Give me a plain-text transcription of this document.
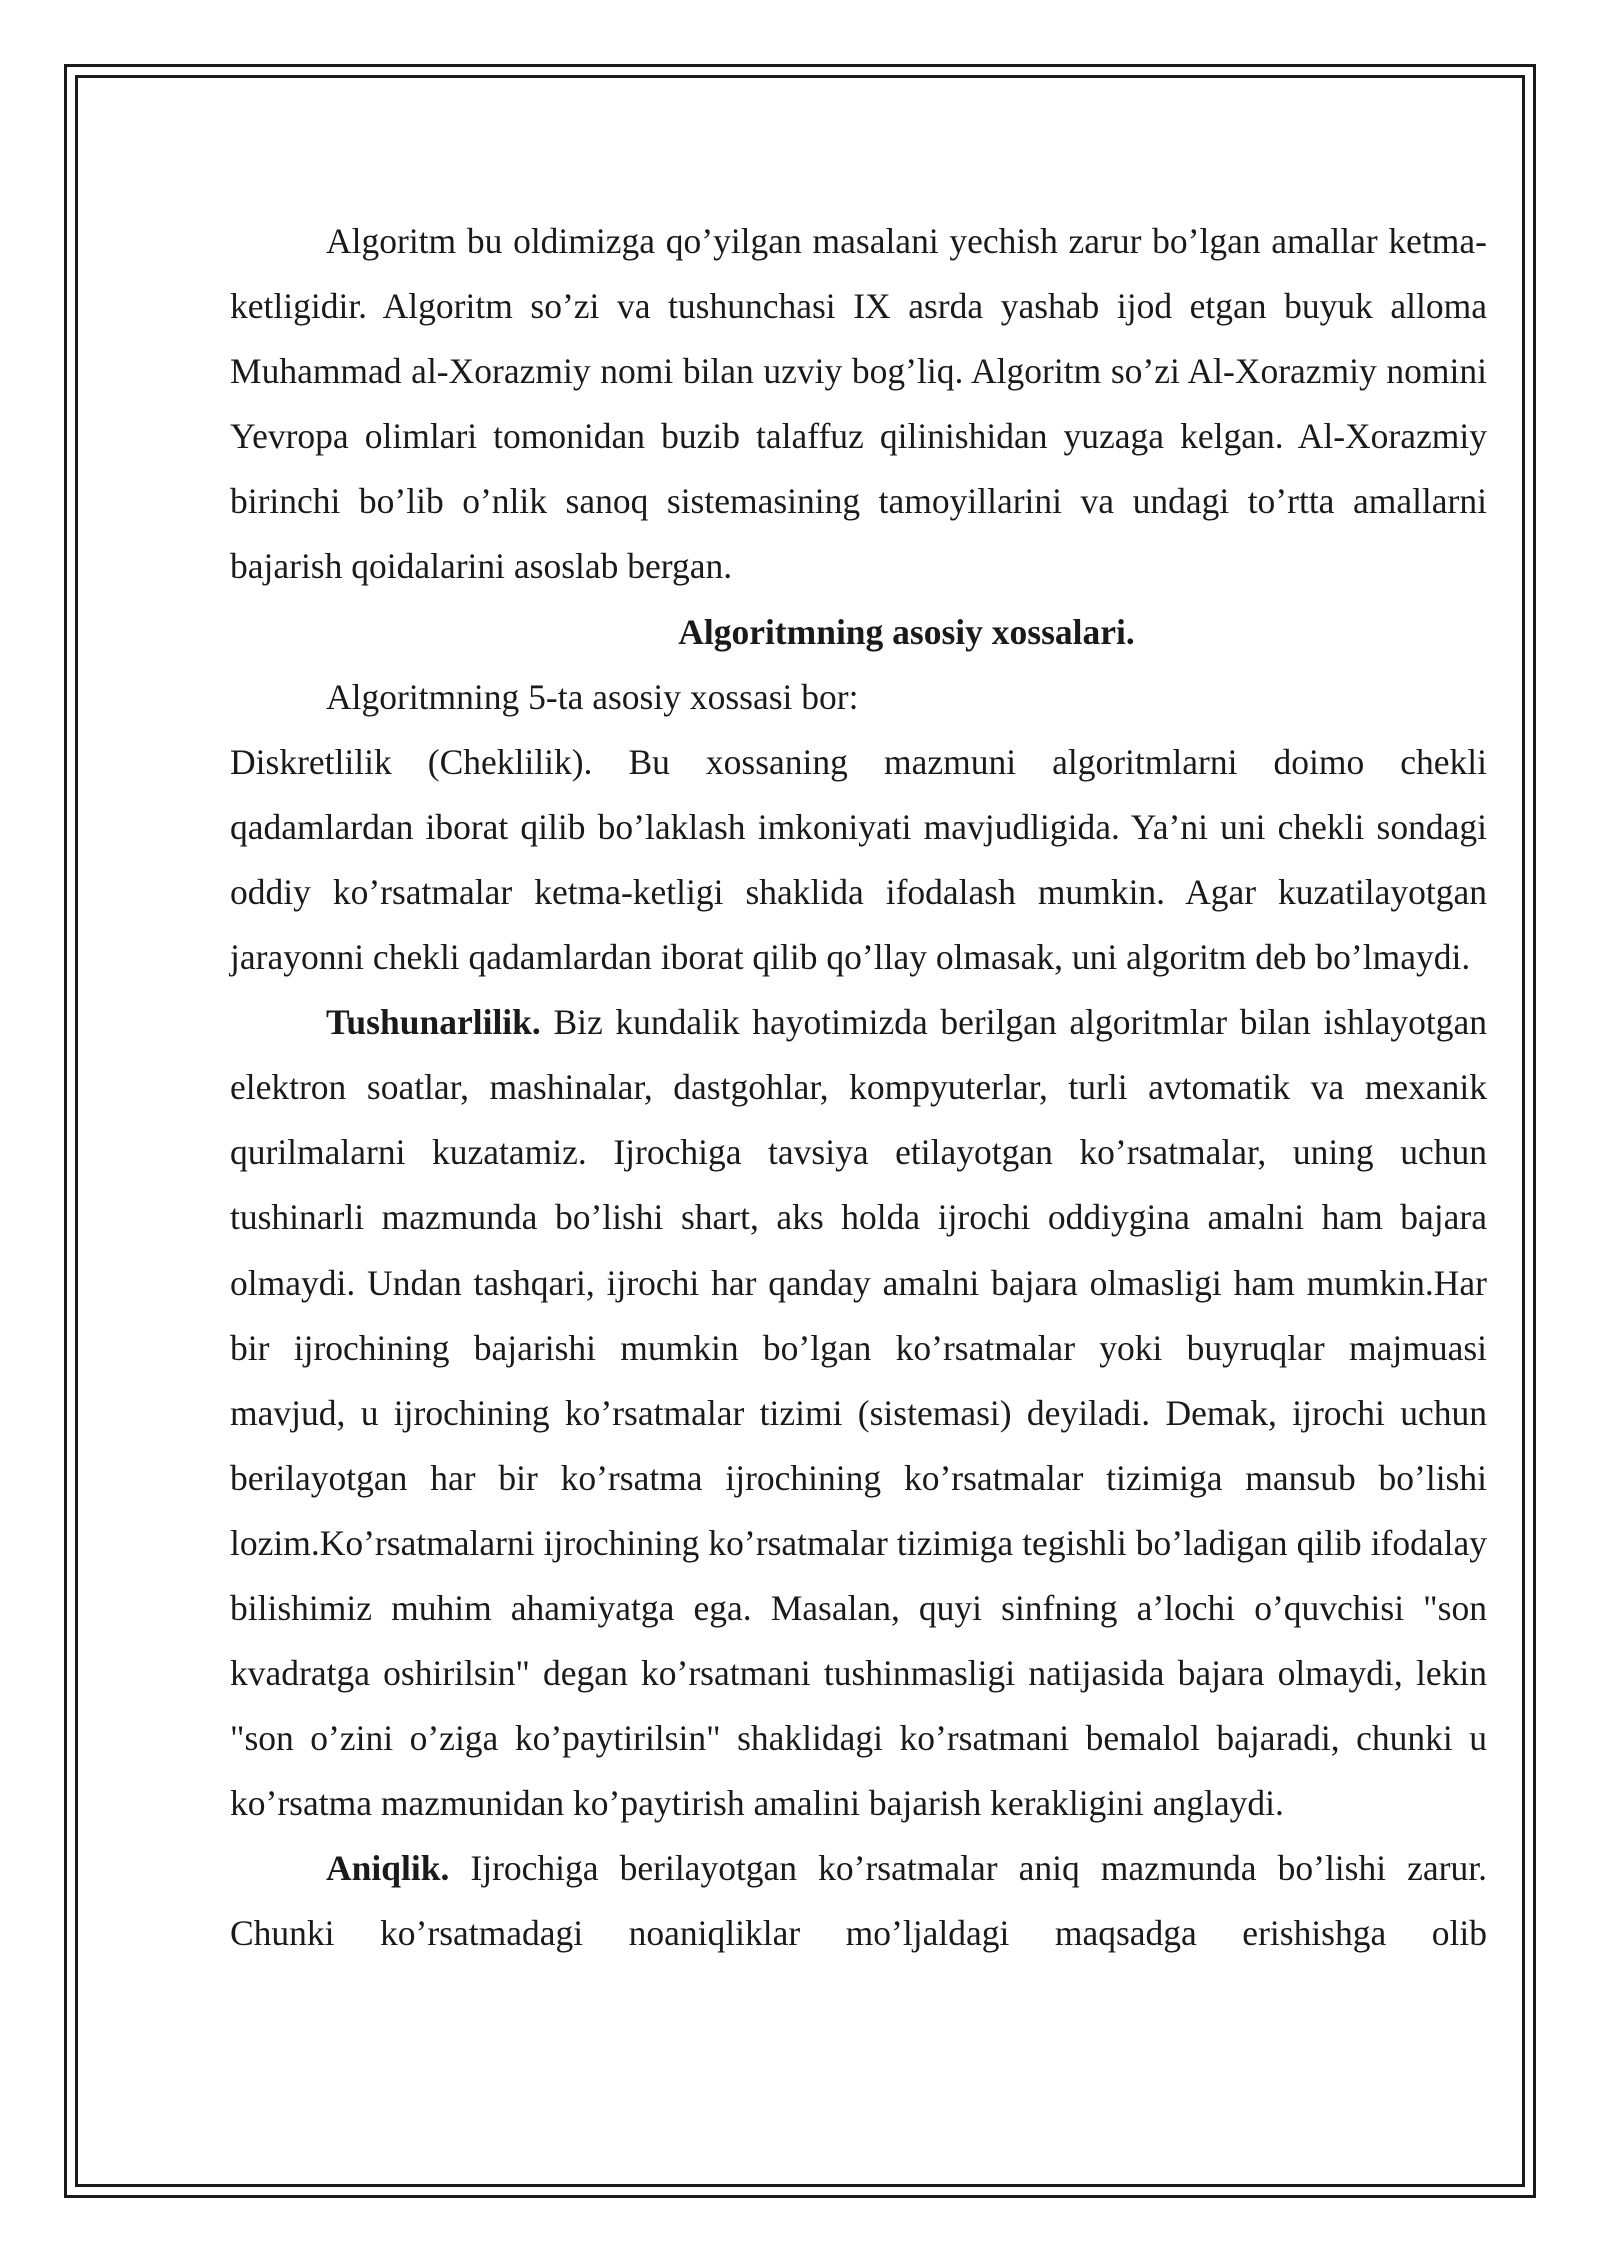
Algoritm bu oldimizga qo’yilgan masalani yechish zarur bo’lgan amallar ketma-ketligidir. Algoritm so’zi va tushunchasi IX asrda yashab ijod etgan buyuk alloma Muhammad al-Xorazmiy nomi bilan uzviy bog’liq. Algoritm so’zi Al-Xorazmiy nomini Yevropa olimlari tomonidan buzib talaffuz qilinishidan yuzaga kelgan. Al-Xorazmiy birinchi bo’lib o’nlik sanoq sistemasining tamoyillarini va undagi to’rtta amallarni bajarish qoidalarini asoslab bergan.

Algoritmning asosiy xossalari.

Algoritmning 5-ta asosiy xossasi bor:

Diskretlilik (Cheklilik). Bu xossaning mazmuni algoritmlarni doimo chekli qadamlardan iborat qilib bo’laklash imkoniyati mavjudligida. Ya’ni uni chekli sondagi oddiy ko’rsatmalar ketma-ketligi shaklida ifodalash mumkin. Agar kuzatilayotgan jarayonni chekli qadamlardan iborat qilib qo’llay olmasak, uni algoritm deb bo’lmaydi.

Tushunarlilik. Biz kundalik hayotimizda berilgan algoritmlar bilan ishlayotgan elektron soatlar, mashinalar, dastgohlar, kompyuterlar, turli avtomatik va mexanik qurilmalarni kuzatamiz. Ijrochiga tavsiya etilayotgan ko’rsatmalar, uning uchun tushinarli mazmunda bo’lishi shart, aks holda ijrochi oddiygina amalni ham bajara olmaydi. Undan tashqari, ijrochi har qanday amalni bajara olmasligi ham mumkin.Har bir ijrochining bajarishi mumkin bo’lgan ko’rsatmalar yoki buyruqlar majmuasi mavjud, u ijrochining ko’rsatmalar tizimi (sistemasi) deyiladi. Demak, ijrochi uchun berilayotgan har bir ko’rsatma ijrochining ko’rsatmalar tizimiga mansub bo’lishi lozim.Ko’rsatmalarni ijrochining ko’rsatmalar tizimiga tegishli bo’ladigan qilib ifodalay bilishimiz muhim ahamiyatga ega. Masalan, quyi sinfning a’lochi o’quvchisi "son kvadratga oshirilsin" degan ko’rsatmani tushinmasligi natijasida bajara olmaydi, lekin "son o’zini o’ziga ko’paytirilsin" shaklidagi ko’rsatmani bemalol bajaradi, chunki u ko’rsatma mazmunidan ko’paytirish amalini bajarish kerakligini anglaydi.

Aniqlik. Ijrochiga berilayotgan ko’rsatmalar aniq mazmunda bo’lishi zarur. Chunki ko’rsatmadagi noaniqliklar mo’ljaldagi maqsadga erishishga olib
